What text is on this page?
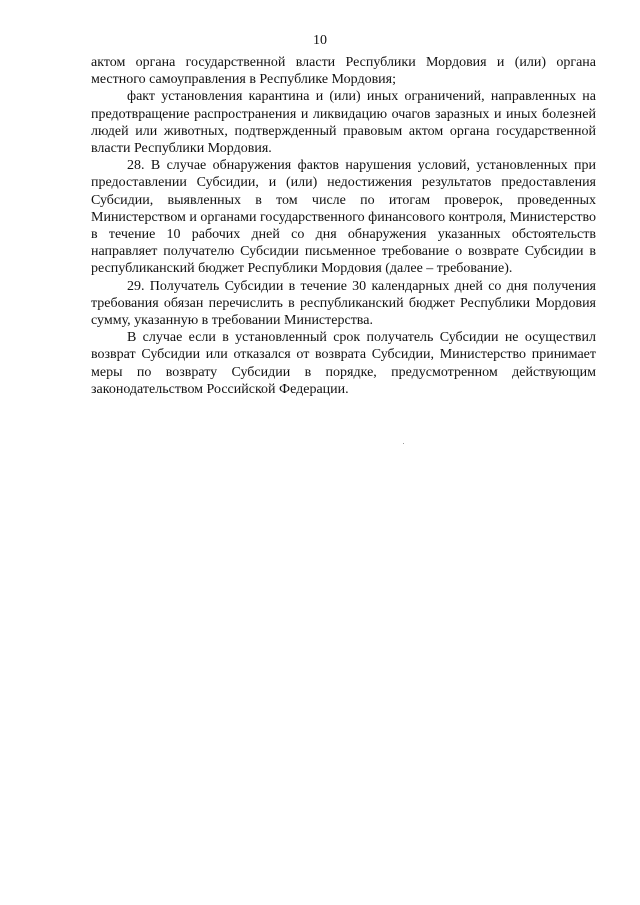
10

актом органа государственной власти Республики Мордовия и (или) органа местного самоуправления в Республике Мордовия;

факт установления карантина и (или) иных ограничений, направленных на предотвращение распространения и ликвидацию очагов заразных и иных болезней людей или животных, подтвержденный правовым актом органа государственной власти Республики Мордовия.

28. В случае обнаружения фактов нарушения условий, установленных при предоставлении Субсидии, и (или) недостижения результатов предоставления Субсидии, выявленных в том числе по итогам проверок, проведенных Министерством и органами государственного финансового контроля, Министерство в течение 10 рабочих дней со дня обнаружения указанных обстоятельств направляет получателю Субсидии письменное требование о возврате Субсидии в республиканский бюджет Республики Мордовия (далее – требование).

29. Получатель Субсидии в течение 30 календарных дней со дня получения требования обязан перечислить в республиканский бюджет Республики Мордовия сумму, указанную в требовании Министерства.

В случае если в установленный срок получатель Субсидии не осуществил возврат Субсидии или отказался от возврата Субсидии, Министерство принимает меры по возврату Субсидии в порядке, предусмотренном действующим законодательством Российской Федерации.
